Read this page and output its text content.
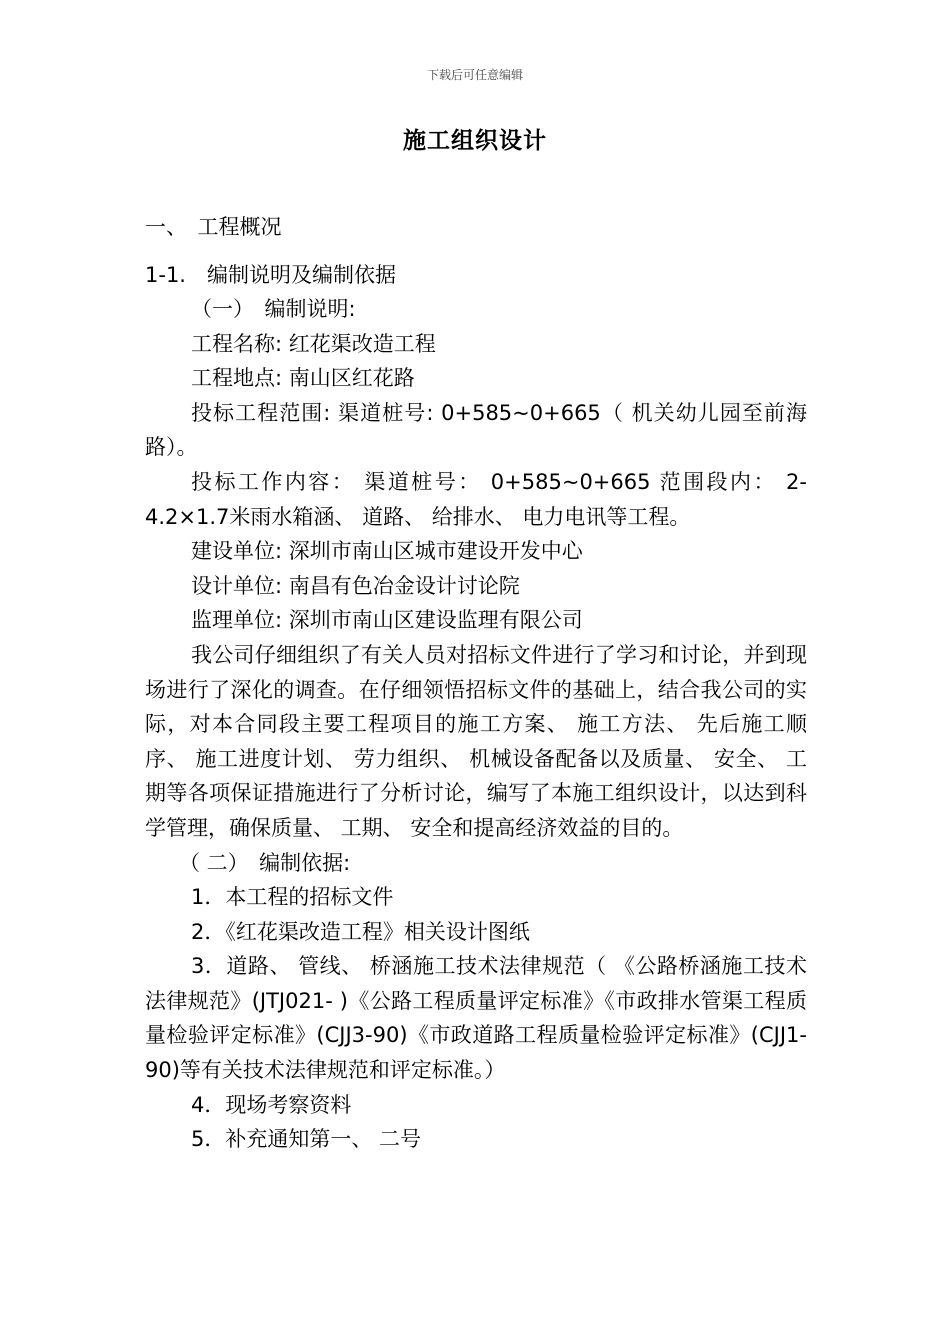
下载后可任意编辑
施工组织设计

一、　工程概况

1-1.　编制说明及编制依据

（一）　编制说明:

工程名称: 红花渠改造工程

工程地点: 南山区红花路

投标工程范围: 渠道桩号: 0+585~0+665（ 机关幼儿园至前海路）。

投标工作内容： 渠道桩号： 0+585~0+665 范围段内： 2-4.2×1.7米雨水箱涵、 道路、 给排水、 电力电讯等工程。

建设单位: 深圳市南山区城市建设开发中心

设计单位: 南昌有色冶金设计讨论院

监理单位: 深圳市南山区建设监理有限公司

我公司仔细组织了有关人员对招标文件进行了学习和讨论，并到现场进行了深化的调查。在仔细领悟招标文件的基础上，结合我公司的实际，对本合同段主要工程项目的施工方案、 施工方法、 先后施工顺序、 施工进度计划、 劳力组织、 机械设备配备以及质量、 安全、 工期等各项保证措施进行了分析讨论，编写了本施工组织设计，以达到科学管理，确保质量、 工期、 安全和提高经济效益的目的。

（ 二）　编制依据:

1．本工程的招标文件

2．《红花渠改造工程》相关设计图纸

3．道路、 管线、 桥涵施工技术法律规范（ 《公路桥涵施工技术法律规范》(JTJ021- )《公路工程质量评定标准》《市政排水管渠工程质量检验评定标准》(CJJ3-90)《市政道路工程质量检验评定标准》(CJJ1-90)等有关技术法律规范和评定标准。）

4．现场考察资料

5．补充通知第一、 二号
